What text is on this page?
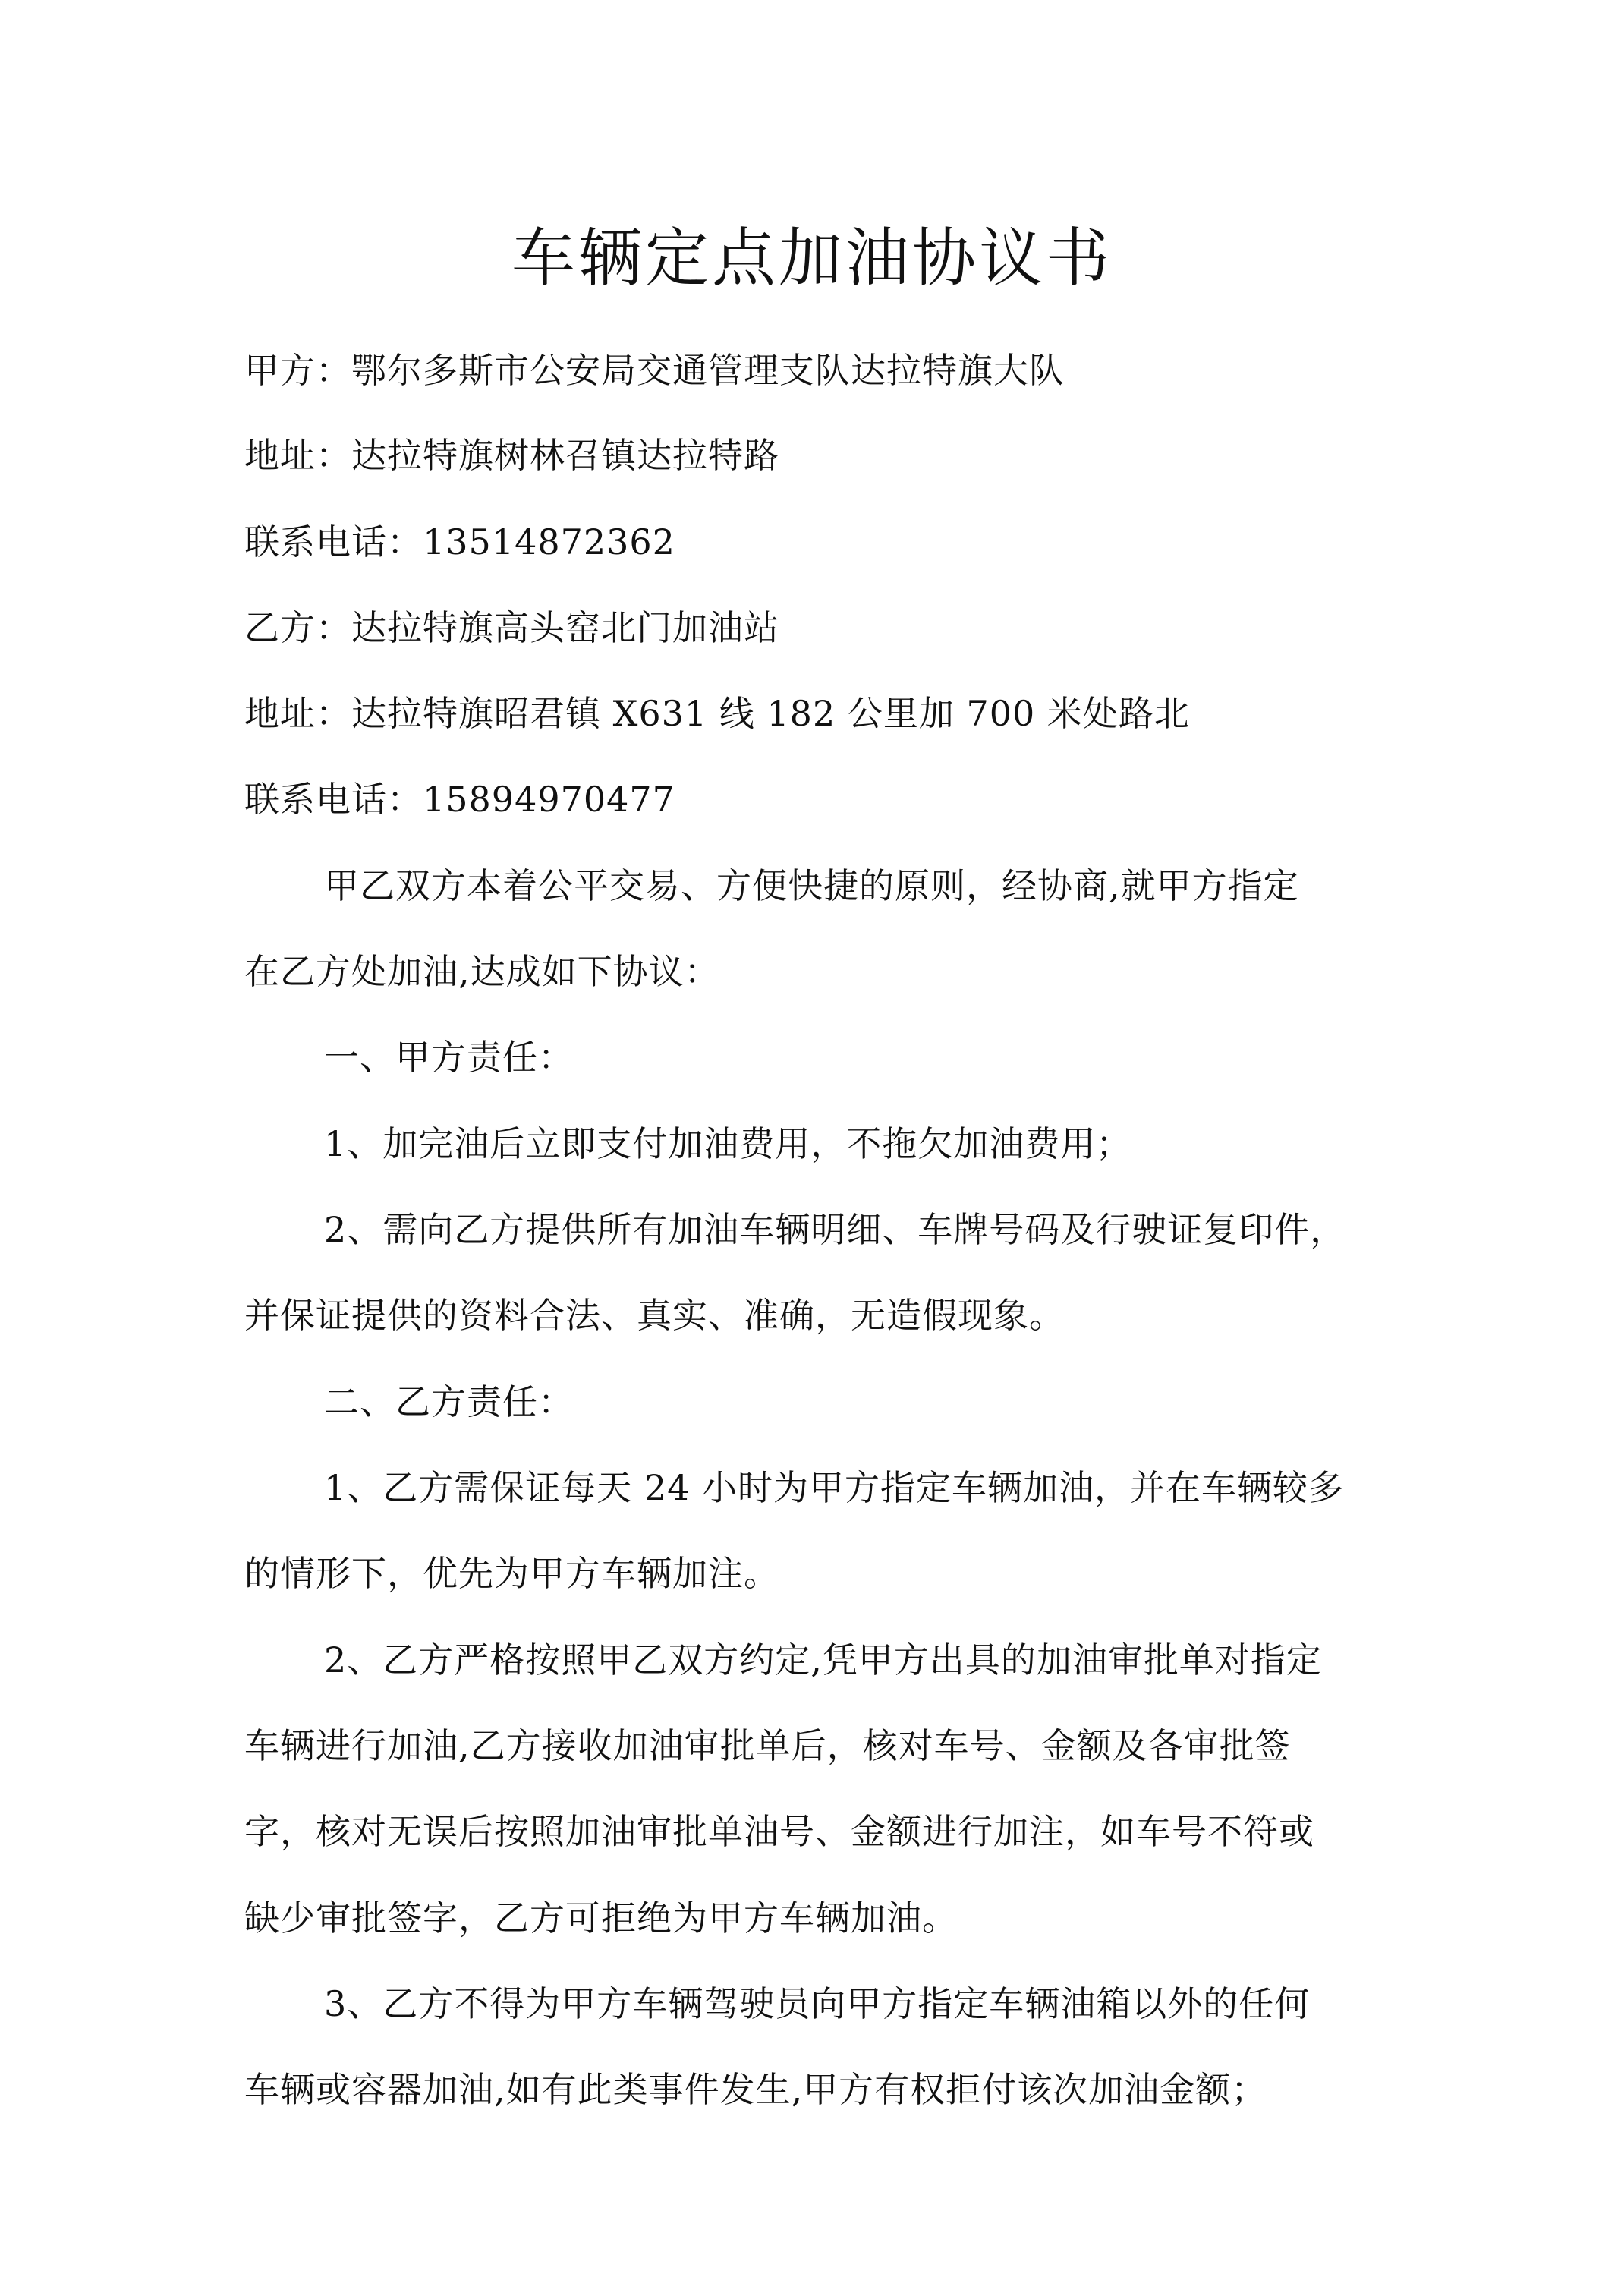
车辆定点加油协议书
甲方：鄂尔多斯市公安局交通管理支队达拉特旗大队
地址：达拉特旗树林召镇达拉特路
联系电话：13514872362
乙方：达拉特旗高头窑北门加油站
地址：达拉特旗昭君镇 X631 线 182 公里加 700 米处路北
联系电话：15894970477
甲乙双方本着公平交易、方便快捷的原则，经协商,就甲方指定
在乙方处加油,达成如下协议：
一、甲方责任：
1、加完油后立即支付加油费用，不拖欠加油费用；
2、需向乙方提供所有加油车辆明细、车牌号码及行驶证复印件，
并保证提供的资料合法、真实、准确，无造假现象。
二、乙方责任：
1、乙方需保证每天 24 小时为甲方指定车辆加油，并在车辆较多
的情形下，优先为甲方车辆加注。
2、乙方严格按照甲乙双方约定,凭甲方出具的加油审批单对指定
车辆进行加油,乙方接收加油审批单后，核对车号、金额及各审批签
字，核对无误后按照加油审批单油号、金额进行加注，如车号不符或
缺少审批签字，乙方可拒绝为甲方车辆加油。
3、乙方不得为甲方车辆驾驶员向甲方指定车辆油箱以外的任何
车辆或容器加油,如有此类事件发生,甲方有权拒付该次加油金额；
